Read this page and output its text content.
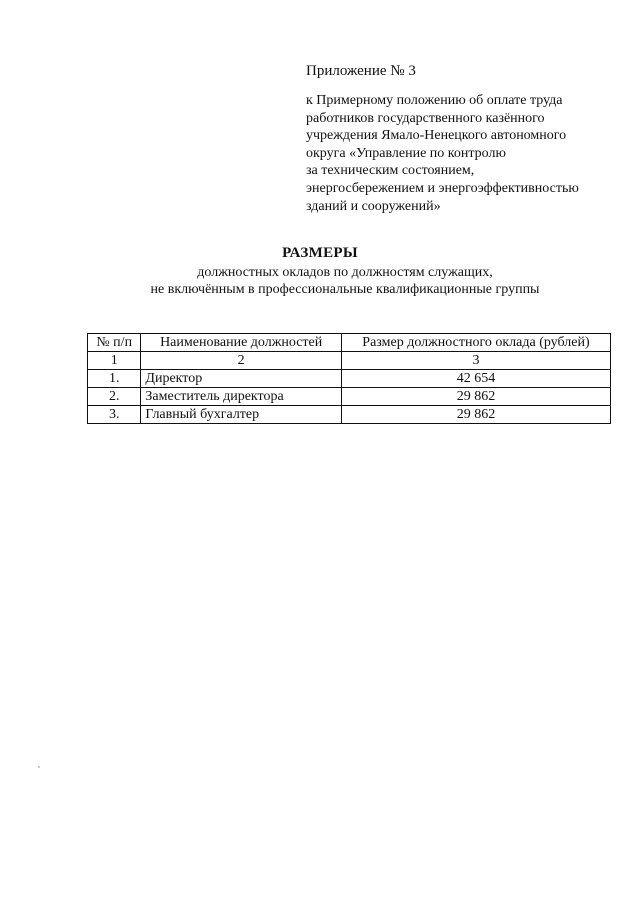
Приложение № 3
к Примерному положению об оплате труда
работников государственного казённого
учреждения Ямало-Ненецкого автономного
округа «Управление по контролю
за техническим состоянием,
энергосбережением и энергоэффективностью
зданий и сооружений»
РАЗМЕРЫ
должностных окладов по должностям служащих,
не включённым в профессиональные квалификационные группы
№ п/п	Наименование должностей	Размер должностного оклада (рублей)
1	2	3
1.	Директор	42 654
2.	Заместитель директора	29 862
3.	Главный бухгалтер	29 862
